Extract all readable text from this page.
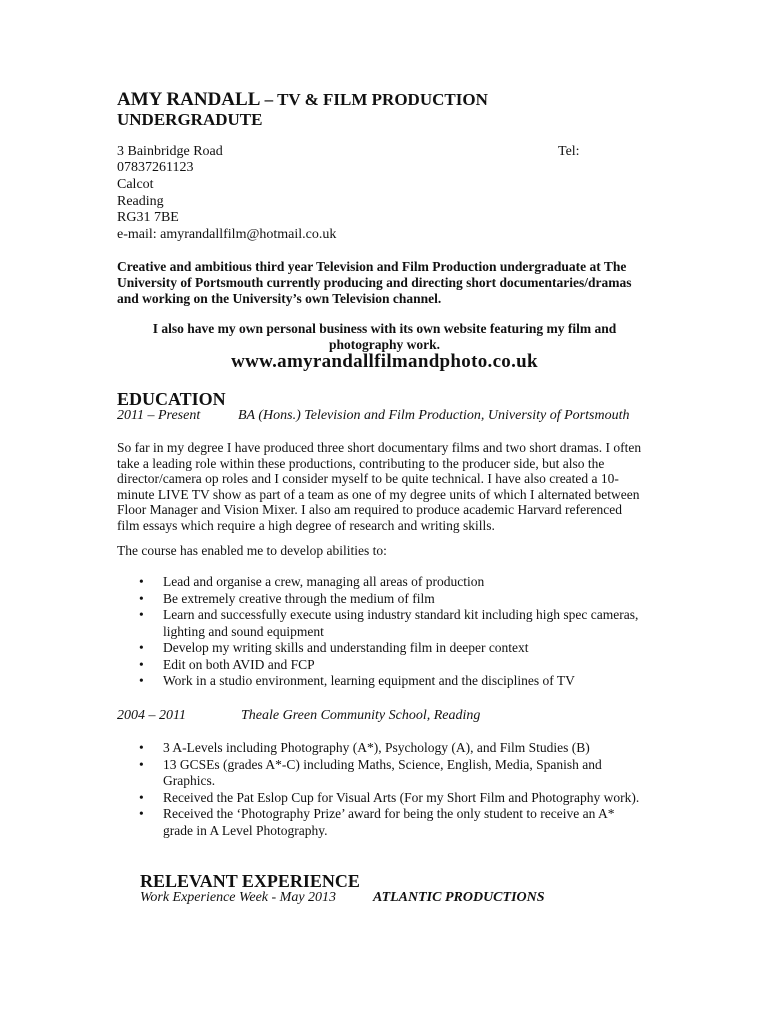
AMY RANDALL – TV & FILM PRODUCTION
UNDERGRADUTE
3 Bainbridge Road	Tel:
07837261123
Calcot
Reading
RG31 7BE
e-mail: amyrandallfilm@hotmail.co.uk
Creative and ambitious third year Television and Film Production undergraduate at The University of Portsmouth currently producing and directing short documentaries/dramas and working on the University’s own Television channel.
I also have my own personal business with its own website featuring my film and photography work.
www.amyrandallfilmandphoto.co.uk
EDUCATION
2011 – Present	BA (Hons.) Television and Film Production, University of Portsmouth
So far in my degree I have produced three short documentary films and two short dramas. I often take a leading role within these productions, contributing to the producer side, but also the director/camera op roles and I consider myself to be quite technical. I have also created a 10-minute LIVE TV show as part of a team as one of my degree units of which I alternated between Floor Manager and Vision Mixer. I also am required to produce academic Harvard referenced film essays which require a high degree of research and writing skills.
The course has enabled me to develop abilities to:
• Lead and organise a crew, managing all areas of production
• Be extremely creative through the medium of film
• Learn and successfully execute using industry standard kit including high spec cameras, lighting and sound equipment
• Develop my writing skills and understanding film in deeper context
• Edit on both AVID and FCP
• Work in a studio environment, learning equipment and the disciplines of TV
2004 – 2011	Theale Green Community School, Reading
• 3 A-Levels including Photography (A*), Psychology (A), and Film Studies (B)
• 13 GCSEs (grades A*-C) including Maths, Science, English, Media, Spanish and Graphics.
• Received the Pat Eslop Cup for Visual Arts (For my Short Film and Photography work).
• Received the ‘Photography Prize’ award for being the only student to receive an A* grade in A Level Photography.
RELEVANT EXPERIENCE
Work Experience Week - May 2013	ATLANTIC PRODUCTIONS
